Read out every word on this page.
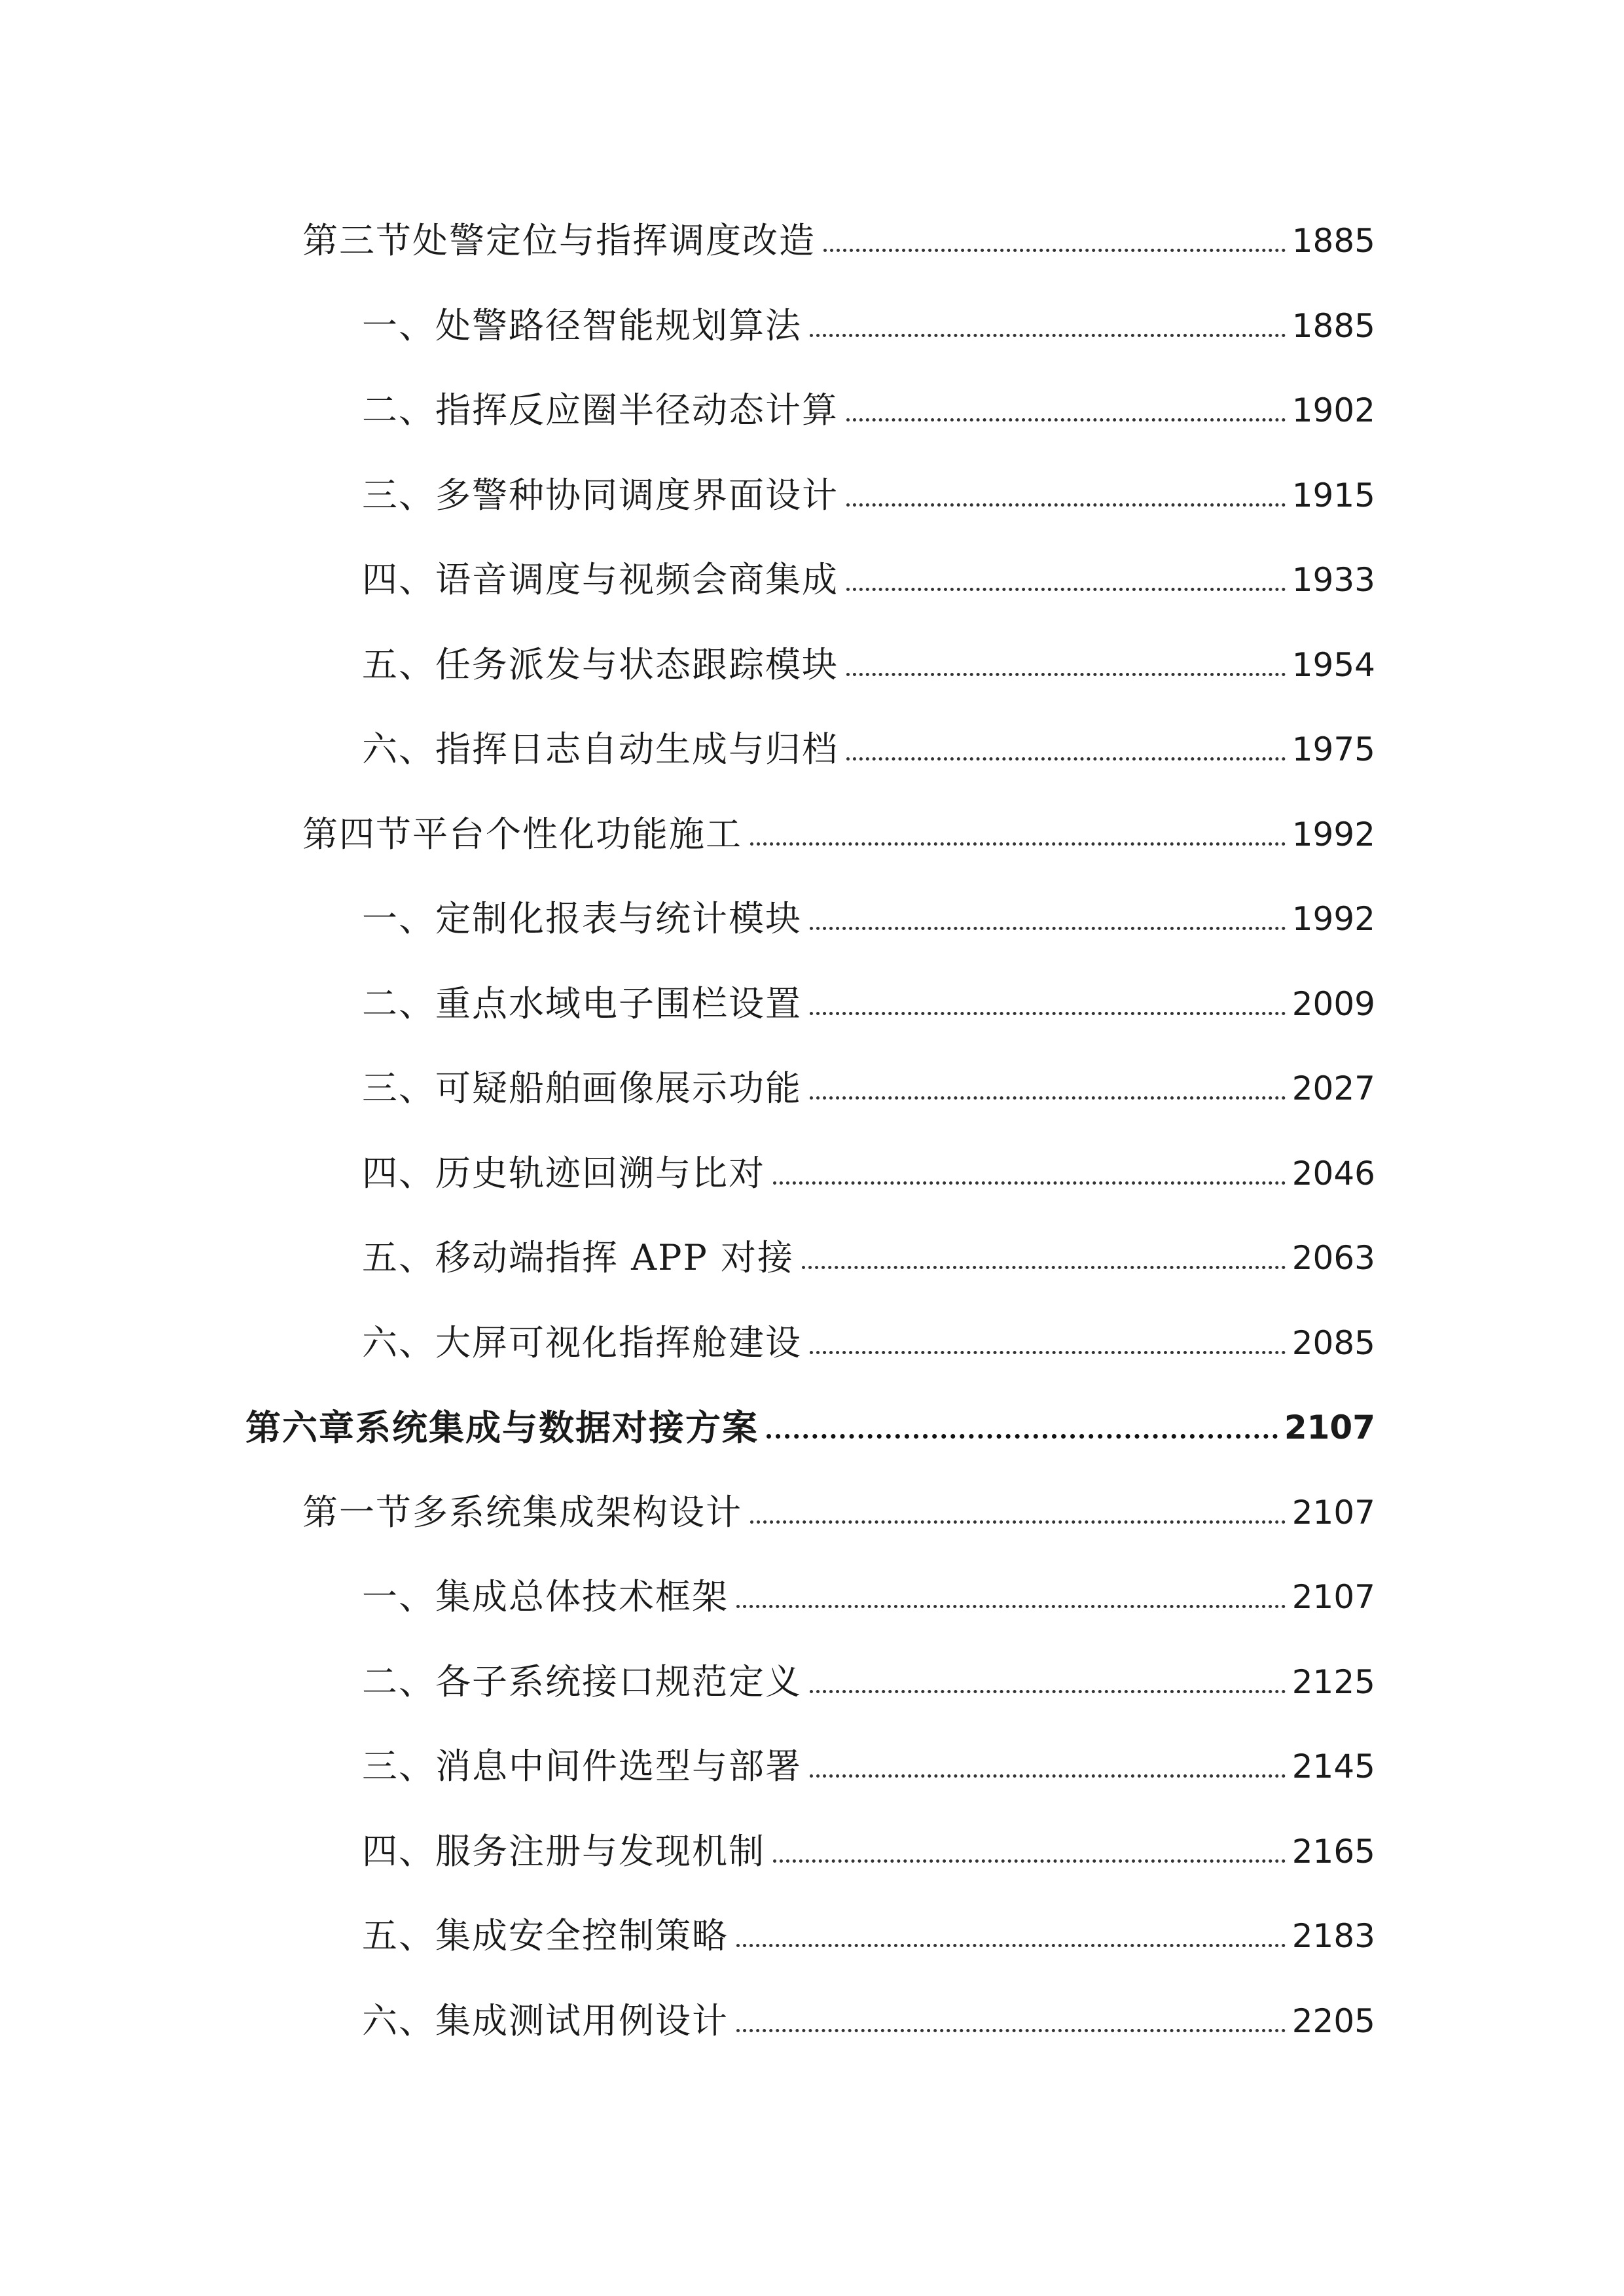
第三节处警定位与指挥调度改造	1885
一、处警路径智能规划算法	1885
二、指挥反应圈半径动态计算	1902
三、多警种协同调度界面设计	1915
四、语音调度与视频会商集成	1933
五、任务派发与状态跟踪模块	1954
六、指挥日志自动生成与归档	1975
第四节平台个性化功能施工	1992
一、定制化报表与统计模块	1992
二、重点水域电子围栏设置	2009
三、可疑船舶画像展示功能	2027
四、历史轨迹回溯与比对	2046
五、移动端指挥 APP 对接	2063
六、大屏可视化指挥舱建设	2085
第六章系统集成与数据对接方案	2107
第一节多系统集成架构设计	2107
一、集成总体技术框架	2107
二、各子系统接口规范定义	2125
三、消息中间件选型与部署	2145
四、服务注册与发现机制	2165
五、集成安全控制策略	2183
六、集成测试用例设计	2205
